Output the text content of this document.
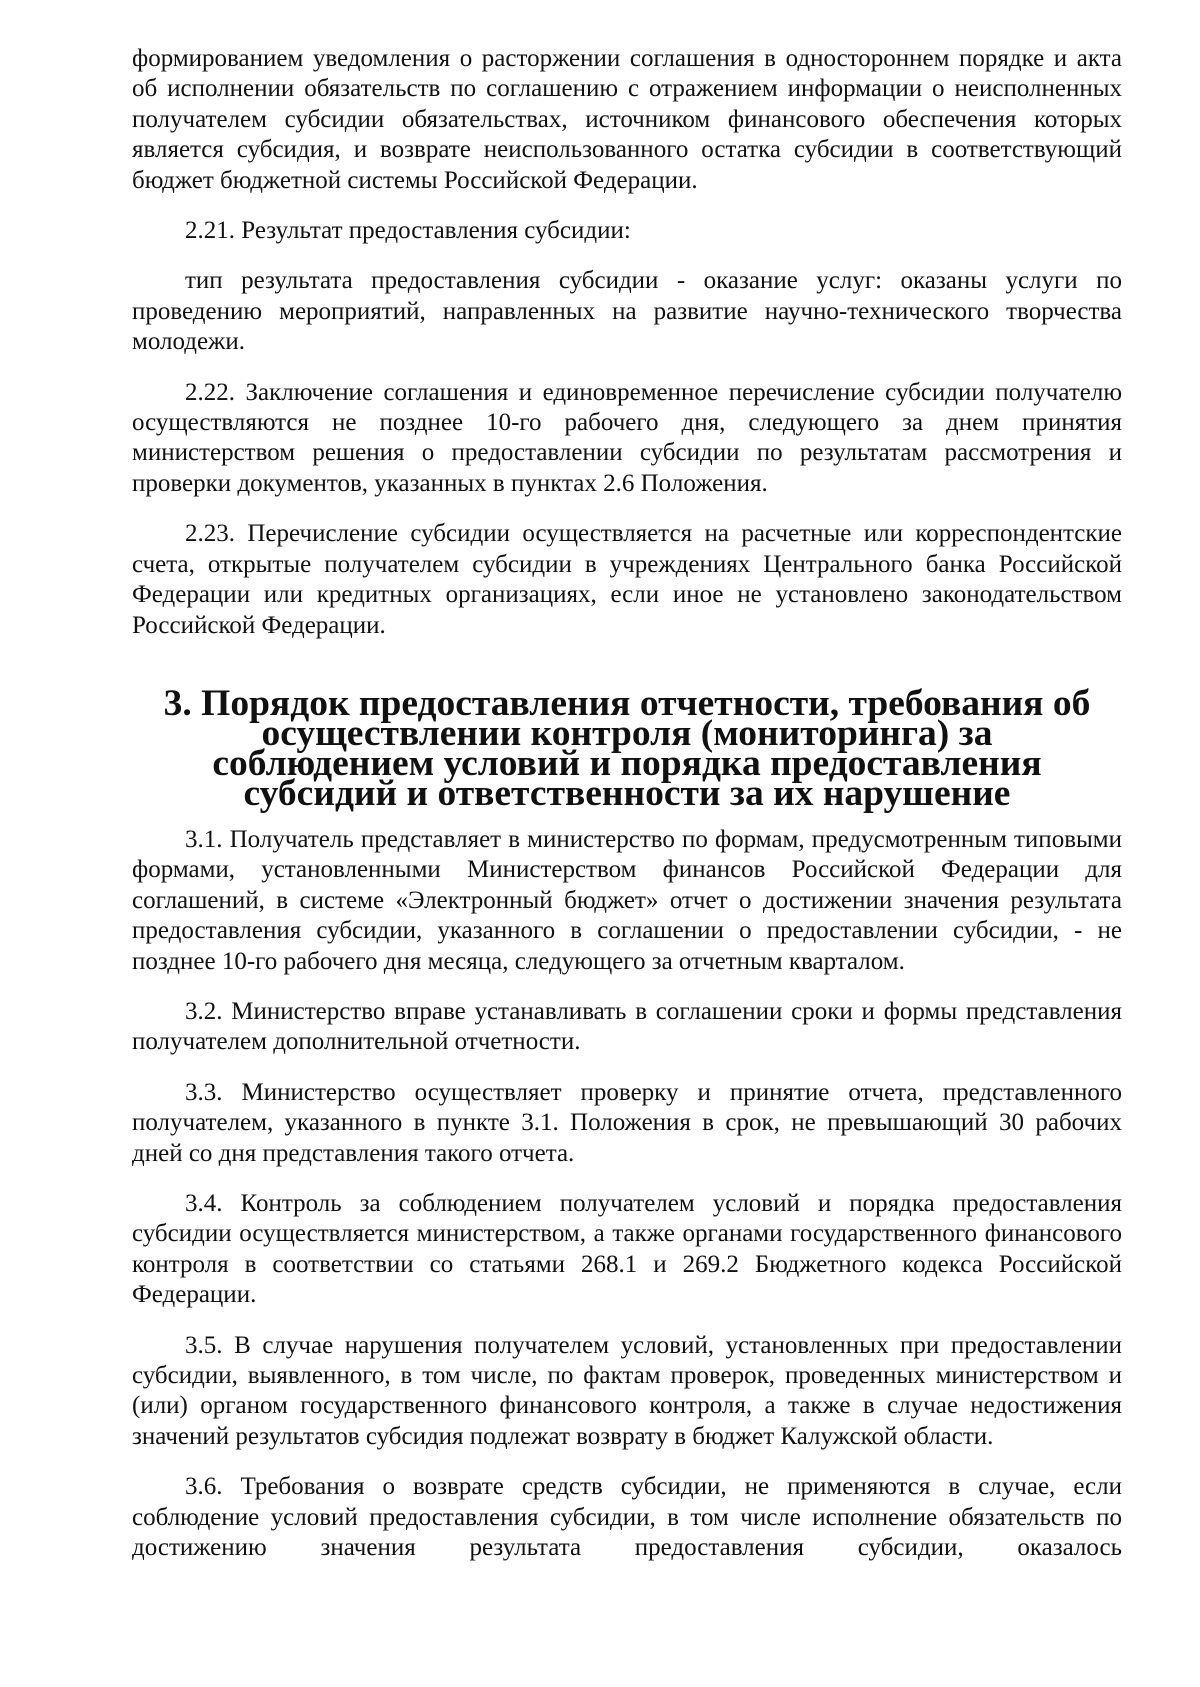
формированием уведомления о расторжении соглашения в одностороннем порядке и акта об исполнении обязательств по соглашению с отражением информации о неисполненных получателем субсидии обязательствах, источником финансового обеспечения которых является субсидия, и возврате неиспользованного остатка субсидии в соответствующий бюджет бюджетной системы Российской Федерации.

2.21. Результат предоставления субсидии:

тип результата предоставления субсидии - оказание услуг: оказаны услуги по проведению мероприятий, направленных на развитие научно-технического творчества молодежи.

2.22. Заключение соглашения и единовременное перечисление субсидии получателю осуществляются не позднее 10-го рабочего дня, следующего за днем принятия министерством решения о предоставлении субсидии по результатам рассмотрения и проверки документов, указанных в пунктах 2.6 Положения.

2.23. Перечисление субсидии осуществляется на расчетные или корреспондентские счета, открытые получателем субсидии в учреждениях Центрального банка Российской Федерации или кредитных организациях, если иное не установлено законодательством Российской Федерации.

3. Порядок предоставления отчетности, требования об осуществлении контроля (мониторинга) за соблюдением условий и порядка предоставления субсидий и ответственности за их нарушение

3.1. Получатель представляет в министерство по формам, предусмотренным типовыми формами, установленными Министерством финансов Российской Федерации для соглашений, в системе «Электронный бюджет» отчет о достижении значения результата предоставления субсидии, указанного в соглашении о предоставлении субсидии, - не позднее 10-го рабочего дня месяца, следующего за отчетным кварталом.

3.2. Министерство вправе устанавливать в соглашении сроки и формы представления получателем дополнительной отчетности.

3.3. Министерство осуществляет проверку и принятие отчета, представленного получателем, указанного в пункте 3.1. Положения в срок, не превышающий 30 рабочих дней со дня представления такого отчета.

3.4. Контроль за соблюдением получателем условий и порядка предоставления субсидии осуществляется министерством, а также органами государственного финансового контроля в соответствии со статьями 268.1 и 269.2 Бюджетного кодекса Российской Федерации.

3.5. В случае нарушения получателем условий, установленных при предоставлении субсидии, выявленного, в том числе, по фактам проверок, проведенных министерством и (или) органом государственного финансового контроля, а также в случае недостижения значений результатов субсидия подлежат возврату в бюджет Калужской области.

3.6. Требования о возврате средств субсидии, не применяются в случае, если соблюдение условий предоставления субсидии, в том числе исполнение обязательств по достижению значения результата предоставления субсидии, оказалось
